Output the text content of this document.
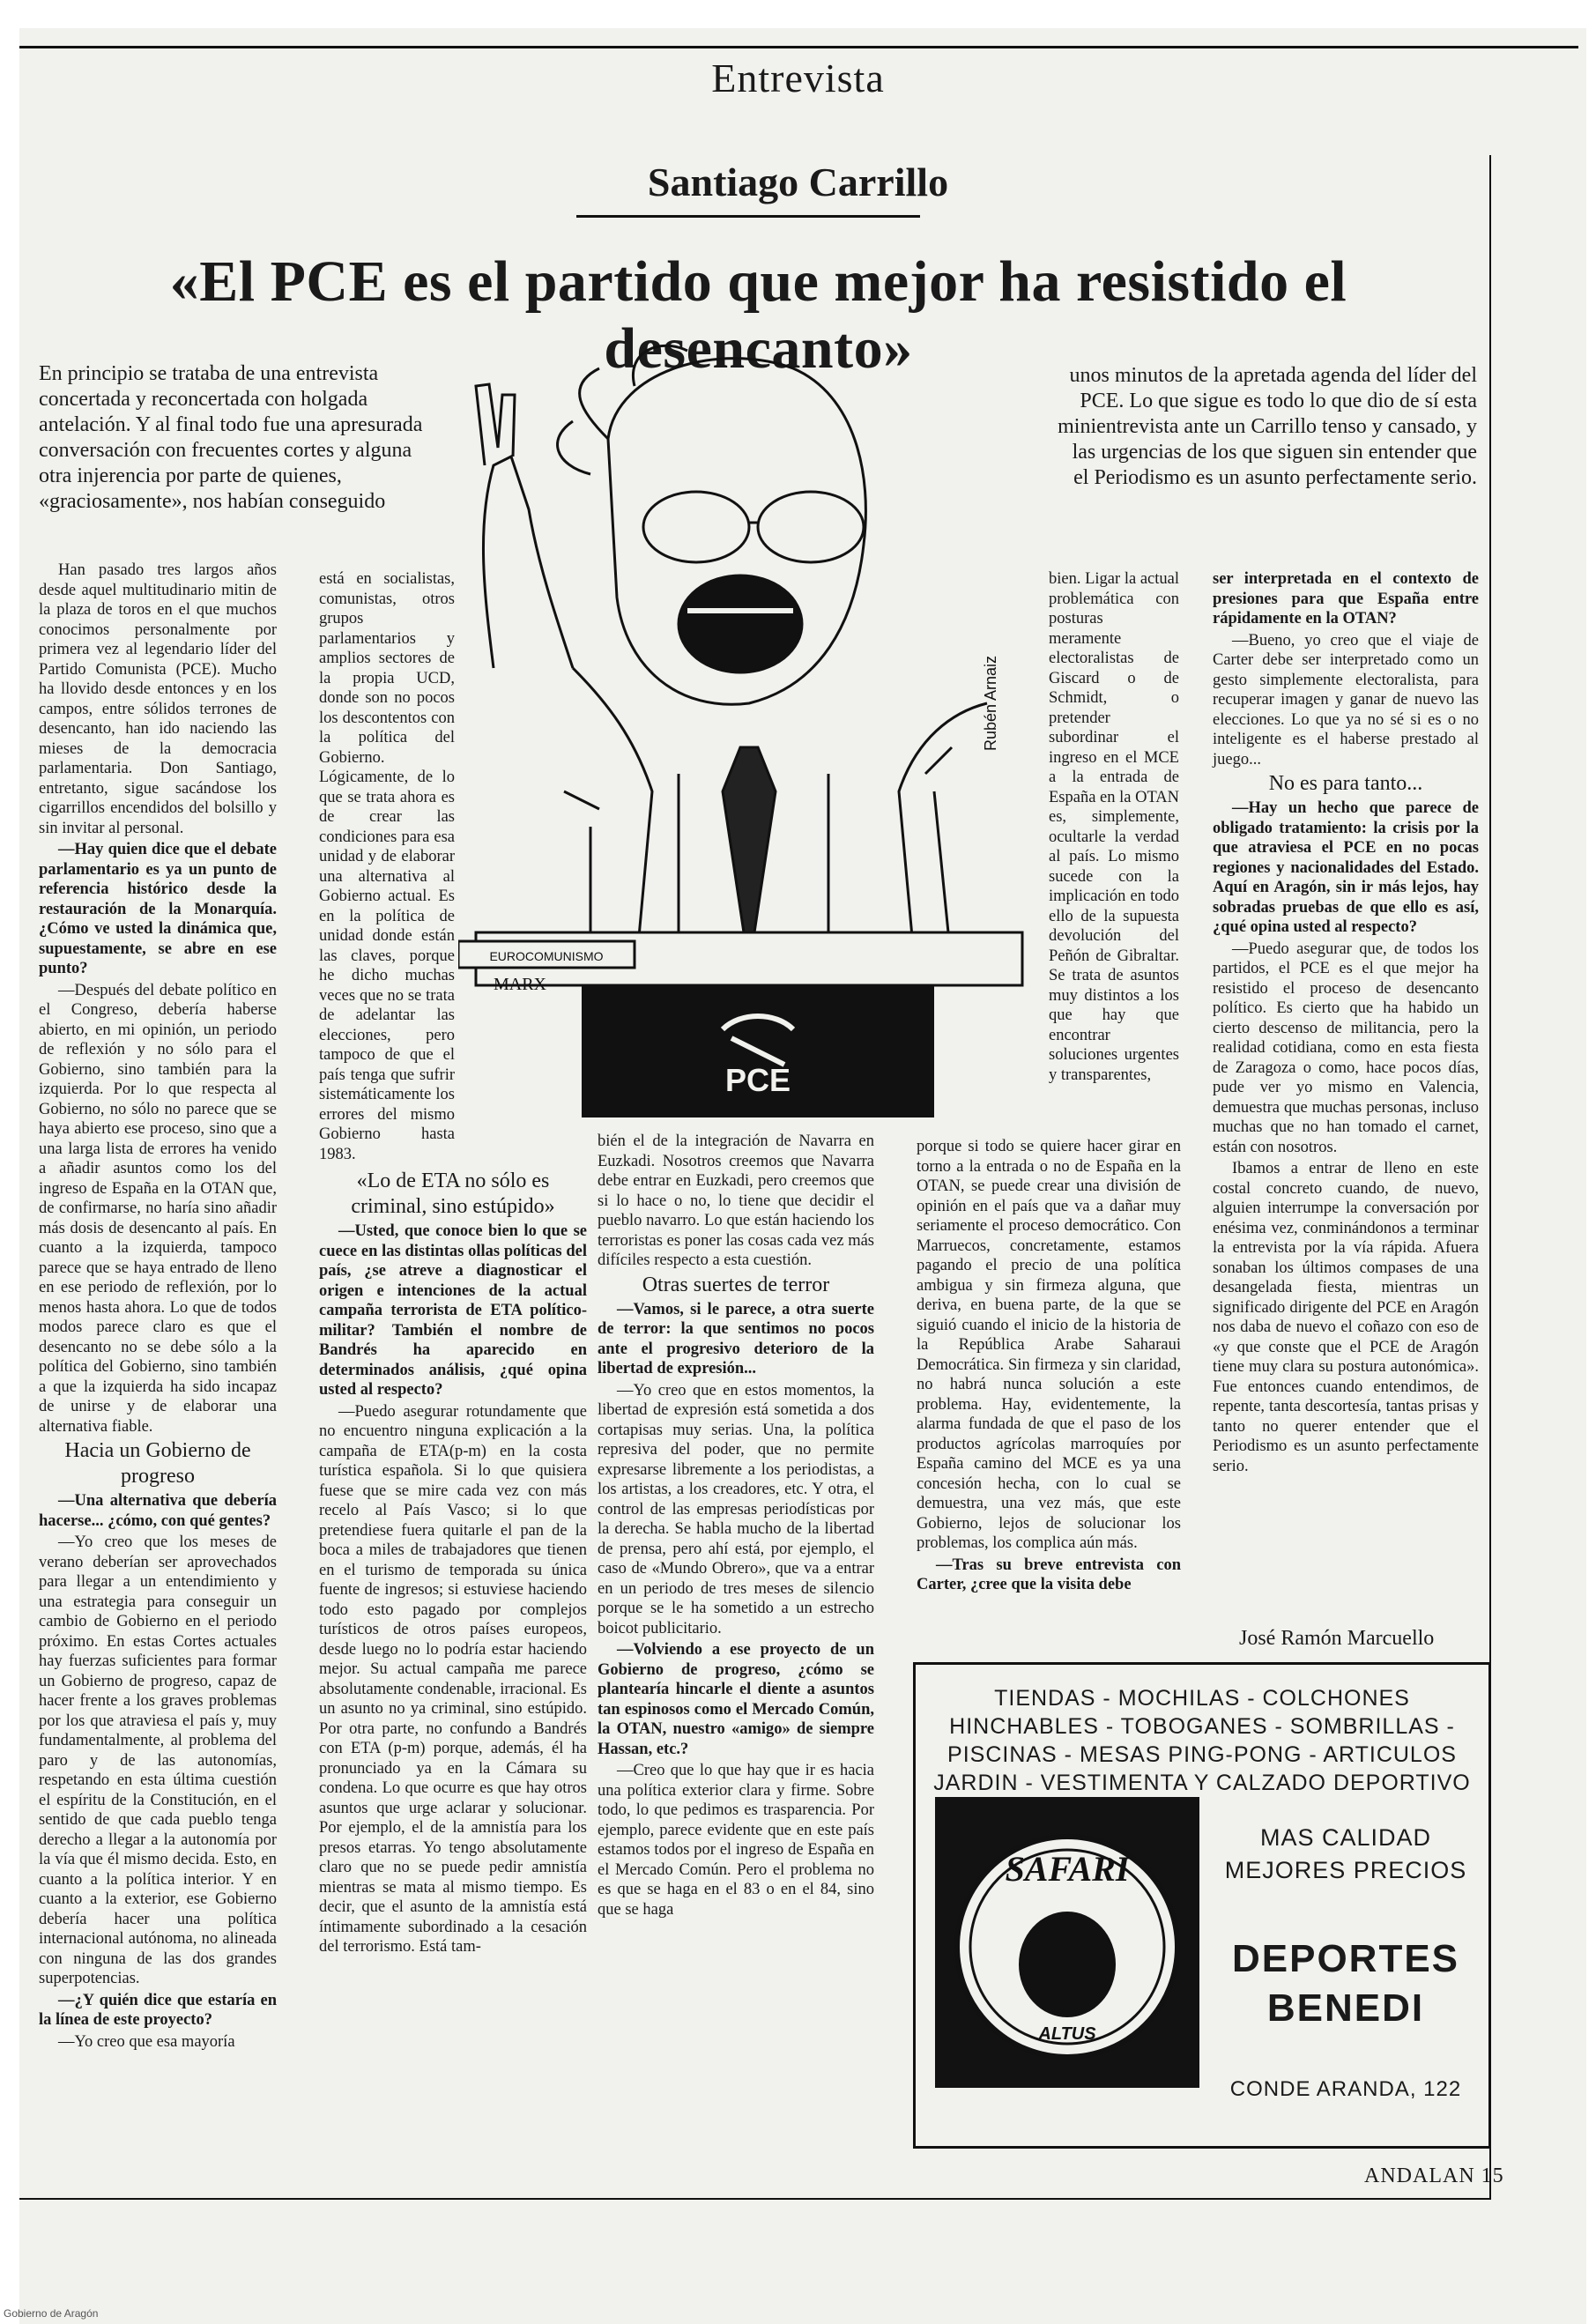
Entrevista
Santiago Carrillo
«El PCE es el partido que mejor ha resistido el desencanto»
En principio se trataba de una entrevista concertada y reconcertada con holgada antelación. Y al final todo fue una apresurada conversación con frecuentes cortes y alguna otra injerencia por parte de quienes, «graciosamente», nos habían conseguido
unos minutos de la apretada agenda del líder del PCE. Lo que sigue es todo lo que dio de sí esta minientrevista ante un Carrillo tenso y cansado, y las urgencias de los que siguen sin entender que el Periodismo es un asunto perfectamente serio.
EUROCOMUNISMO
MARX
PCE
Rubén Arnaiz

Han pasado tres largos años desde aquel multitudinario mitin de la plaza de toros en el que muchos conocimos personalmente por primera vez al legendario líder del Partido Comunista (PCE). Mucho ha llovido desde entonces y en los campos, entre sólidos terrones de desencanto, han ido naciendo las mieses de la democracia parlamentaria. Don Santiago, entretanto, sigue sacándose los cigarrillos encendidos del bolsillo y sin invitar al personal.

—Hay quien dice que el debate parlamentario es ya un punto de referencia histórico desde la restauración de la Monarquía. ¿Cómo ve usted la dinámica que, supuestamente, se abre en ese punto?

—Después del debate político en el Congreso, debería haberse abierto, en mi opinión, un periodo de reflexión y no sólo para el Gobierno, sino también para la izquierda. Por lo que respecta al Gobierno, no sólo no parece que se haya abierto ese proceso, sino que a una larga lista de errores ha venido a añadir asuntos como los del ingreso de España en la OTAN que, de confirmarse, no haría sino añadir más dosis de desencanto al país. En cuanto a la izquierda, tampoco parece que se haya entrado de lleno en ese periodo de reflexión, por lo menos hasta ahora. Lo que de todos modos parece claro es que el desencanto no se debe sólo a la política del Gobierno, sino también a que la izquierda ha sido incapaz de unirse y de elaborar una alternativa fiable.

Hacia un Gobierno de progreso

—Una alternativa que debería hacerse... ¿cómo, con qué gentes?

—Yo creo que los meses de verano deberían ser aprovechados para llegar a un entendimiento y una estrategia para conseguir un cambio de Gobierno en el periodo próximo. En estas Cortes actuales hay fuerzas suficientes para formar un Gobierno de progreso, capaz de hacer frente a los graves problemas por los que atraviesa el país y, muy fundamentalmente, al problema del paro y de las autonomías, respetando en esta última cuestión el espíritu de la Constitución, en el sentido de que cada pueblo tenga derecho a llegar a la autonomía por la vía que él mismo decida. Esto, en cuanto a la política interior. Y en cuanto a la exterior, ese Gobierno debería hacer una política internacional autónoma, no alineada con ninguna de las dos grandes superpotencias.

—¿Y quién dice que estaría en la línea de este proyecto?

—Yo creo que esa mayoría

está en socialistas, comunistas, otros grupos parlamentarios y amplios sectores de la propia UCD, donde son no pocos los descontentos con la política del Gobierno. Lógicamente, de lo que se trata ahora es de crear las condiciones para esa unidad y de elaborar una alternativa al Gobierno actual. Es en la política de unidad donde están las claves, porque he dicho muchas veces que no se trata de adelantar las elecciones, pero tampoco de que el país tenga que sufrir sistemáticamente los errores del mismo Gobierno hasta 1983.

«Lo de ETA no sólo es criminal, sino estúpido»

—Usted, que conoce bien lo que se cuece en las distintas ollas políticas del país, ¿se atreve a diagnosticar el origen e intenciones de la actual campaña terrorista de ETA político-militar? También el nombre de Bandrés ha aparecido en determinados análisis, ¿qué opina usted al respecto?

—Puedo asegurar rotundamente que no encuentro ninguna explicación a la campaña de ETA(p-m) en la costa turística española. Si lo que quisiera fuese que se mire cada vez con más recelo al País Vasco; si lo que pretendiese fuera quitarle el pan de la boca a miles de trabajadores que tienen en el turismo de temporada su única fuente de ingresos; si estuviese haciendo todo esto pagado por complejos turísticos de otros países europeos, desde luego no lo podría estar haciendo mejor. Su actual campaña me parece absolutamente condenable, irracional. Es un asunto no ya criminal, sino estúpido. Por otra parte, no confundo a Bandrés con ETA (p-m) porque, además, él ha pronunciado ya en la Cámara su condena. Lo que ocurre es que hay otros asuntos que urge aclarar y solucionar. Por ejemplo, el de la amnistía para los presos etarras. Yo tengo absolutamente claro que no se puede pedir amnistía mientras se mata al mismo tiempo. Es decir, que el asunto de la amnistía está íntimamente subordinado a la cesación del terrorismo. Está tam-

bién el de la integración de Navarra en Euzkadi. Nosotros creemos que Navarra debe entrar en Euzkadi, pero creemos que si lo hace o no, lo tiene que decidir el pueblo navarro. Lo que están haciendo los terroristas es poner las cosas cada vez más difíciles respecto a esta cuestión.

Otras suertes de terror

—Vamos, si le parece, a otra suerte de terror: la que sentimos no pocos ante el progresivo deterioro de la libertad de expresión...

—Yo creo que en estos momentos, la libertad de expresión está sometida a dos cortapisas muy serias. Una, la política represiva del poder, que no permite expresarse libremente a los periodistas, a los artistas, a los creadores, etc. Y otra, el control de las empresas periodísticas por la derecha. Se habla mucho de la libertad de prensa, pero ahí está, por ejemplo, el caso de «Mundo Obrero», que va a entrar en un periodo de tres meses de silencio porque se le ha sometido a un estrecho boicot publicitario.

—Volviendo a ese proyecto de un Gobierno de progreso, ¿cómo se plantearía hincarle el diente a asuntos tan espinosos como el Mercado Común, la OTAN, nuestro «amigo» de siempre Hassan, etc.?

—Creo que lo que hay que ir es hacia una política exterior clara y firme. Sobre todo, lo que pedimos es trasparencia. Por ejemplo, parece evidente que en este país estamos todos por el ingreso de España en el Mercado Común. Pero el problema no es que se haga en el 83 o en el 84, sino que se haga

bien. Ligar la actual problemática con posturas meramente electoralistas de Giscard o de Schmidt, o pretender subordinar el ingreso en el MCE a la entrada de España en la OTAN es, simplemente, ocultarle la verdad al país. Lo mismo sucede con la implicación en todo ello de la supuesta devolución del Peñón de Gibraltar. Se trata de asuntos muy distintos a los que hay que encontrar soluciones urgentes y transparentes,

porque si todo se quiere hacer girar en torno a la entrada o no de España en la OTAN, se puede crear una división de opinión en el país que va a dañar muy seriamente el proceso democrático. Con Marruecos, concretamente, estamos pagando el precio de una política ambigua y sin firmeza alguna, que deriva, en buena parte, de la que se siguió cuando el inicio de la historia de la República Arabe Saharaui Democrática. Sin firmeza y sin claridad, no habrá nunca solución a este problema. Hay, evidentemente, la alarma fundada de que el paso de los productos agrícolas marroquíes por España camino del MCE es ya una concesión hecha, con lo cual se demuestra, una vez más, que este Gobierno, lejos de solucionar los problemas, los complica aún más.

—Tras su breve entrevista con Carter, ¿cree que la visita debe

ser interpretada en el contexto de presiones para que España entre rápidamente en la OTAN?

—Bueno, yo creo que el viaje de Carter debe ser interpretado como un gesto simplemente electoralista, para recuperar imagen y ganar de nuevo las elecciones. Lo que ya no sé si es o no inteligente es el haberse prestado al juego...

No es para tanto...

—Hay un hecho que parece de obligado tratamiento: la crisis por la que atraviesa el PCE en no pocas regiones y nacionalidades del Estado. Aquí en Aragón, sin ir más lejos, hay sobradas pruebas de que ello es así, ¿qué opina usted al respecto?

—Puedo asegurar que, de todos los partidos, el PCE es el que mejor ha resistido el proceso de desencanto político. Es cierto que ha habido un cierto descenso de militancia, pero la realidad cotidiana, como en esta fiesta de Zaragoza o como, hace pocos días, pude ver yo mismo en Valencia, demuestra que muchas personas, incluso muchas que no han tomado el carnet, están con nosotros.

Ibamos a entrar de lleno en este costal concreto cuando, de nuevo, alguien interrumpe la conversación por enésima vez, conminándonos a terminar la entrevista por la vía rápida. Afuera sonaban los últimos compases de una desangelada fiesta, mientras un significado dirigente del PCE en Aragón nos daba de nuevo el coñazo con eso de «y que conste que el PCE de Aragón tiene muy clara su postura autonómica». Fue entonces cuando entendimos, de repente, tanta descortesía, tantas prisas y tanto no querer entender que el Periodismo es un asunto perfectamente serio.

José Ramón Marcuello
TIENDAS - MOCHILAS - COLCHONES HINCHABLES - TOBOGANES - SOMBRILLAS - PISCINAS - MESAS PING-PONG - ARTICULOS JARDIN - VESTIMENTA Y CALZADO DEPORTIVO
SAFARI
ALTUS
MAS CALIDAD
MEJORES PRECIOS
DEPORTES
BENEDI
CONDE ARANDA, 122
ANDALAN 15
Gobierno de Aragón
